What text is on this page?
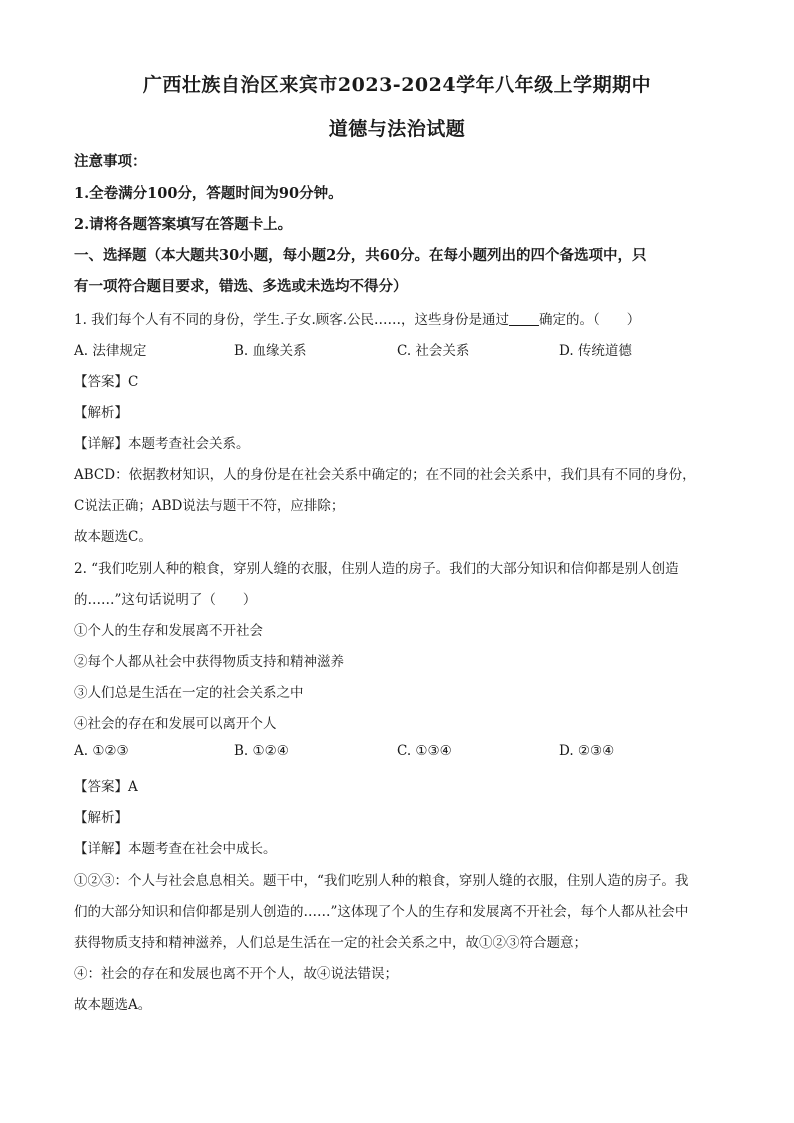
广西壮族自治区来宾市2023-2024学年八年级上学期期中
道德与法治试题
注意事项：
1.全卷满分100分，答题时间为90分钟。
2.请将各题答案填写在答题卡上。
一、选择题（本大题共30小题，每小题2分，共60分。在每小题列出的四个备选项中，只
有一项符合题目要求，错选、多选或未选均不得分）
1. 我们每个人有不同的身份，学生.子女.顾客.公民……，这些身份是通过 确定的。（　　）
A. 法律规定	B. 血缘关系	C. 社会关系	D. 传统道德
【答案】C
【解析】
【详解】本题考查社会关系。
ABCD：依据教材知识，人的身份是在社会关系中确定的；在不同的社会关系中，我们具有不同的身份，
C说法正确；ABD说法与题干不符，应排除；
故本题选C。
2. “我们吃别人种的粮食，穿别人缝的衣服，住别人造的房子。我们的大部分知识和信仰都是别人创造
的……”这句话说明了（　　）
①个人的生存和发展离不开社会
②每个人都从社会中获得物质支持和精神滋养
③人们总是生活在一定的社会关系之中
④社会的存在和发展可以离开个人
A. ①②③	B. ①②④	C. ①③④	D. ②③④
【答案】A
【解析】
【详解】本题考查在社会中成长。
①②③：个人与社会息息相关。题干中，“我们吃别人种的粮食，穿别人缝的衣服，住别人造的房子。我
们的大部分知识和信仰都是别人创造的……”这体现了个人的生存和发展离不开社会，每个人都从社会中
获得物质支持和精神滋养，人们总是生活在一定的社会关系之中，故①②③符合题意；
④：社会的存在和发展也离不开个人，故④说法错误；
故本题选A。
